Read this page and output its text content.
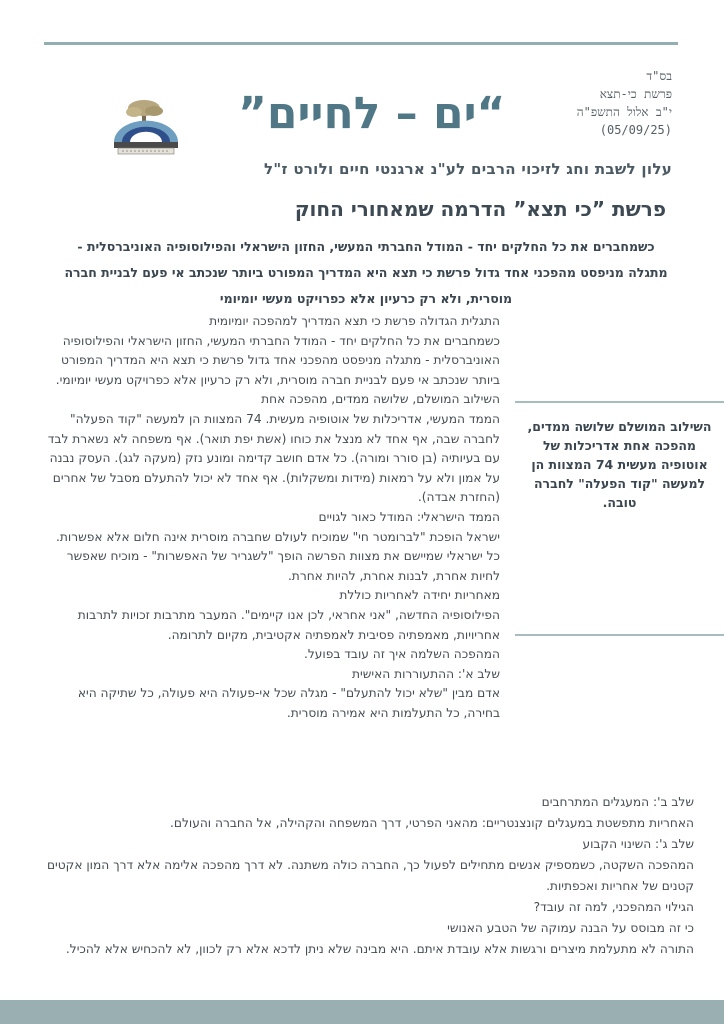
בס"ד
פרשת כי-תצא
י"ב אלול התשפ"ה
(05/09/25)
“ים – לחיים”
עלון לשבת וחג לזיכוי הרבים לע"נ ארגנטי חיים ולורט ז"ל
פרשת ”כי תצא” הדרמה שמאחורי החוק
כשמחברים את כל החלקים יחד - המודל החברתי המעשי, החזון הישראלי והפילוסופיה האוניברסלית - מתגלה מניפסט מהפכני אחד גדול פרשת כי תצא היא המדריך המפורט ביותר שנכתב אי פעם לבניית חברה מוסרית, ולא רק כרעיון אלא כפרויקט מעשי יומיומי

התגלית הגדולה פרשת כי תצא המדריך למהפכה יומיומית

כשמחברים את כל החלקים יחד - המודל החברתי המעשי, החזון הישראלי והפילוסופיה האוניברסלית - מתגלה מניפסט מהפכני אחד גדול פרשת כי תצא היא המדריך המפורט ביותר שנכתב אי פעם לבניית חברה מוסרית, ולא רק כרעיון אלא כפרויקט מעשי יומיומי.

השילוב המושלם, שלושה ממדים, מהפכה אחת

הממד המעשי, אדריכלות של אוטופיה מעשית. 74 המצוות הן למעשה "קוד הפעלה" לחברה שבה, אף אחד לא מנצל את כוחו (אשת יפת תואר). אף משפחה לא נשארת לבד עם בעיותיה (בן סורר ומורה). כל אדם חושב קדימה ומונע נזק (מעקה לגג). העסק נבנה על אמון ולא על רמאות (מידות ומשקלות). אף אחד לא יכול להתעלם מסבל של אחרים (החזרת אבדה).

הממד הישראלי: המודל כאור לגויים

ישראל הופכת "לברומטר חי" שמוכיח לעולם שחברה מוסרית אינה חלום אלא אפשרות. כל ישראלי שמיישם את מצוות הפרשה הופך "לשגריר של האפשרות" - מוכיח שאפשר לחיות אחרת, לבנות אחרת, להיות אחרת.

מאחריות יחידה לאחריות כוללת

הפילוסופיה החדשה, "אני אחראי, לכן אנו קיימים". המעבר מתרבות זכויות לתרבות אחריויות, מאמפתיה פסיבית לאמפתיה אקטיבית, מקיום לתרומה.

המהפכה השלמה איך זה עובד בפועל.

שלב א': ההתעוררות האישית

אדם מבין "שלא יכול להתעלם" - מגלה שכל אי-פעולה היא פעולה, כל שתיקה היא בחירה, כל התעלמות היא אמירה מוסרית.

השילוב המושלם שלושה ממדים, מהפכה אחת אדריכלות של אוטופיה מעשית 74 המצוות הן למעשה "קוד הפעלה" לחברה טובה.

שלב ב': המעגלים המתרחבים

האחריות מתפשטת במעגלים קונצנטריים: מהאני הפרטי, דרך המשפחה והקהילה, אל החברה והעולם.

שלב ג': השינוי הקבוע

המהפכה השקטה, כשמספיק אנשים מתחילים לפעול כך, החברה כולה משתנה. לא דרך מהפכה אלימה אלא דרך המון אקטים קטנים של אחריות ואכפתיות.

הגילוי המהפכני, למה זה עובד?

כי זה מבוסס על הבנה עמוקה של הטבע האנושי

התורה לא מתעלמת מיצרים ורגשות אלא עובדת איתם. היא מבינה שלא ניתן לדכא אלא רק לכוון, לא להכחיש אלא להכיל.
